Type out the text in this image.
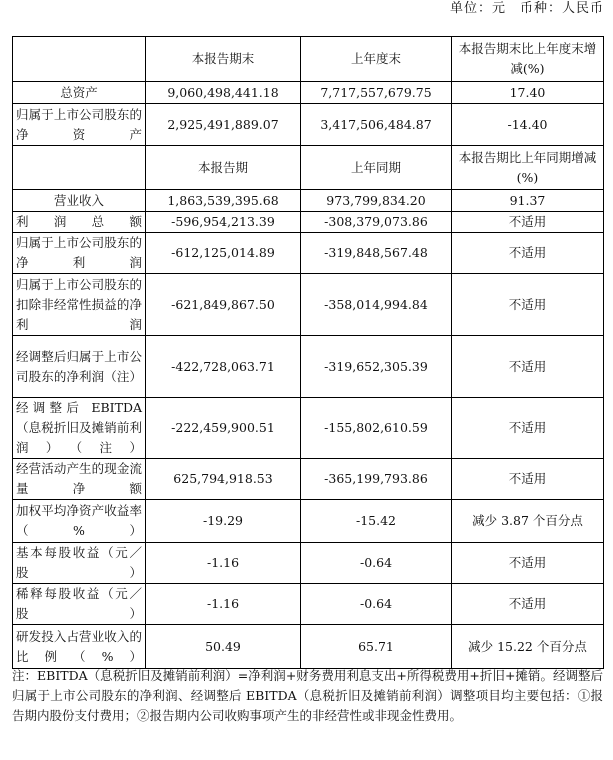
单位：元　币种：人民币
	本报告期末	上年度末	本报告期末比上年度末增减(%)
总资产	9,060,498,441.18	7,717,557,679.75	17.40
归属于上市公司股东的净资产	2,925,491,889.07	3,417,506,484.87	-14.40
	本报告期	上年同期	本报告期比上年同期增减(%)
营业收入	1,863,539,395.68	973,799,834.20	91.37
利润总额	-596,954,213.39	-308,379,073.86	不适用
归属于上市公司股东的净利润	-612,125,014.89	-319,848,567.48	不适用
归属于上市公司股东的扣除非经常性损益的净利润	-621,849,867.50	-358,014,994.84	不适用
经调整后归属于上市公司股东的净利润（注）	-422,728,063.71	-319,652,305.39	不适用
经调整后 EBITDA（息税折旧及摊销前利润）（注）	-222,459,900.51	-155,802,610.59	不适用
经营活动产生的现金流量净额	625,794,918.53	-365,199,793.86	不适用
加权平均净资产收益率（%）	-19.29	-15.42	减少 3.87 个百分点
基本每股收益（元／股）	-1.16	-0.64	不适用
稀释每股收益（元／股）	-1.16	-0.64	不适用
研发投入占营业收入的比例（%）	50.49	65.71	减少 15.22 个百分点
注：EBITDA（息税折旧及摊销前利润）=净利润+财务费用利息支出+所得税费用+折旧+摊销。经调整后归属于上市公司股东的净利润、经调整后 EBITDA（息税折旧及摊销前利润）调整项目均主要包括：①报告期内股份支付费用；②报告期内公司收购事项产生的非经营性或非现金性费用。
